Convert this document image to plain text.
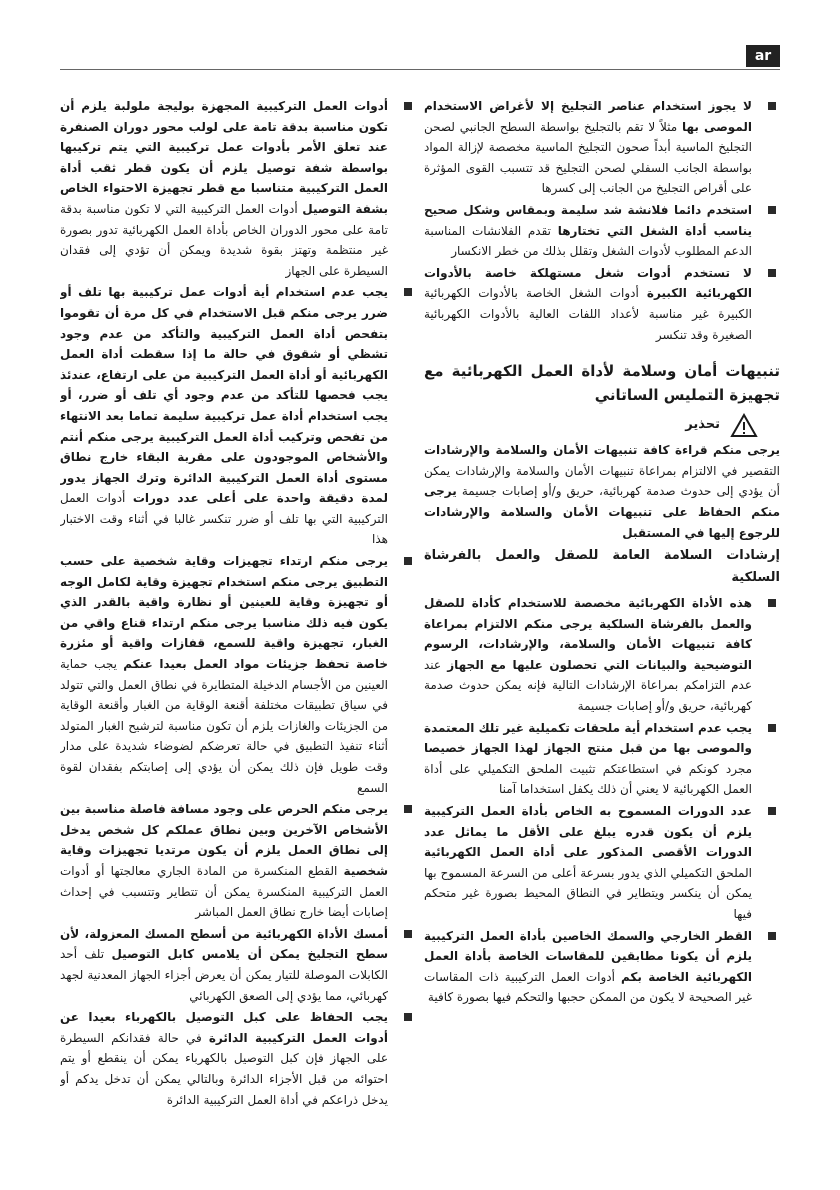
ar
لا يجوز استخدام عناصر التجليخ إلا لأغراض الاستخدام الموصى بها مثلاً لا تقم بالتجليخ بواسطة السطح الجانبي لصحن التجليخ الماسية أبداً صحون التجليخ الماسية مخصصة لإزالة المواد بواسطة الجانب السفلي لصحن التجليخ قد تتسبب القوى المؤثرة على أقراص التجليخ من الجانب إلى كسرها
استخدم دائما فلانشة شد سليمة وبمقاس وشكل صحيح يناسب أداة الشغل التي تختارها تقدم الفلانشات المناسبة الدعم المطلوب لأدوات الشغل وتقلل بذلك من خطر الانكسار
لا تستخدم أدوات شغل مستهلكة خاصة بالأدوات الكهربائية الكبيرة أدوات الشغل الخاصة بالأدوات الكهربائية الكبيرة غير مناسبة لأعداد اللفات العالية بالأدوات الكهربائية الصغيرة وقد تنكسر
تنبيهات أمان وسلامة لأداة العمل الكهربائية مع تجهيزة التمليس الساتاني
تحذير
يرجى منكم قراءة كافة تنبيهات الأمان والسلامة والإرشادات التقصير في الالتزام بمراعاة تنبيهات الأمان والسلامة والإرشادات يمكن أن يؤدي إلى حدوث صدمة كهربائية، حريق و/أو إصابات جسيمة يرجى منكم الحفاظ على تنبيهات الأمان والسلامة والإرشادات للرجوع إليها في المستقبل
إرشادات السلامة العامة للصقل والعمل بالفرشاة السلكية
هذه الأداة الكهربائية مخصصة للاستخدام كأداة للصقل والعمل بالفرشاة السلكية يرجى منكم الالتزام بمراعاة كافة تنبيهات الأمان والسلامة، والإرشادات، الرسوم التوضيحية والبيانات التي تحصلون عليها مع الجهاز عند عدم التزامكم بمراعاة الإرشادات التالية فإنه يمكن حدوث صدمة كهربائية، حريق و/أو إصابات جسيمة
يجب عدم استخدام أية ملحقات تكميلية غير تلك المعتمدة والموصى بها من قبل منتج الجهاز لهذا الجهاز خصيصا مجرد كونكم في استطاعتكم تثبيت الملحق التكميلي على أداة العمل الكهربائية لا يعني أن ذلك يكفل استخداما آمنا
عدد الدورات المسموح به الخاص بأداة العمل التركيبية يلزم أن يكون قدره يبلغ على الأقل ما يماثل عدد الدورات الأقصى المذكور على أداة العمل الكهربائية الملحق التكميلي الذي يدور بسرعة أعلى من السرعة المسموح بها يمكن أن ينكسر ويتطاير في النطاق المحيط بصورة غير متحكم فيها
القطر الخارجي والسمك الخاصين بأداة العمل التركيبية يلزم أن يكونا مطابقين للمقاسات الخاصة بأداة العمل الكهربائية الخاصة بكم أدوات العمل التركيبية ذات المقاسات غير الصحيحة لا يكون من الممكن حجبها والتحكم فيها بصورة كافية
أدوات العمل التركيبية المجهزة بوليجة ملولبة يلزم أن تكون مناسبة بدقة تامة على لولب محور دوران الصنفرة عند تعلق الأمر بأدوات عمل تركيبية التي يتم تركيبها بواسطة شفة توصيل يلزم أن يكون قطر ثقب أداة العمل التركيبية متناسبا مع قطر تجهيزة الاحتواء الخاص بشفة التوصيل أدوات العمل التركيبية التي لا تكون مناسبة بدقة تامة على محور الدوران الخاص بأداة العمل الكهربائية تدور بصورة غير منتظمة وتهتز بقوة شديدة ويمكن أن تؤدي إلى فقدان السيطرة على الجهاز
يجب عدم استخدام أية أدوات عمل تركيبية بها تلف أو ضرر يرجى منكم قبل الاستخدام في كل مرة أن تقوموا بتفحص أداة العمل التركيبية والتأكد من عدم وجود تشظي أو شقوق في حالة ما إذا سقطت أداة العمل الكهربائية أو أداة العمل التركيبية من على ارتفاع، عندئذ يجب فحصها للتأكد من عدم وجود أي تلف أو ضرر، أو يجب استخدام أداة عمل تركيبية سليمة تماما بعد الانتهاء من تفحص وتركيب أداة العمل التركيبية يرجى منكم أنتم والأشخاص الموجودون على مقربة البقاء خارج نطاق مستوى أداة العمل التركيبية الدائرة وترك الجهاز يدور لمدة دقيقة واحدة على أعلى عدد دورات أدوات العمل التركيبية التي بها تلف أو ضرر تنكسر غالبا في أثناء وقت الاختبار هذا
يرجى منكم ارتداء تجهيزات وقاية شخصية على حسب التطبيق يرجى منكم استخدام تجهيزة وقاية لكامل الوجه أو تجهيزة وقاية للعينين أو نظارة واقية بالقدر الذي يكون فيه ذلك مناسبا يرجى منكم ارتداء قناع واقي من الغبار، تجهيزة واقية للسمع، قفازات واقية أو مئزرة خاصة تحفظ جزيئات مواد العمل بعيدا عنكم يجب حماية العينين من الأجسام الدخيلة المتطايرة في نطاق العمل والتي تتولد في سياق تطبيقات مختلفة أقنعة الوقاية من الغبار وأقنعة الوقاية من الجزيئات والغازات يلزم أن تكون مناسبة لترشيح الغبار المتولد أثناء تنفيذ التطبيق في حالة تعرضكم لضوضاء شديدة على مدار وقت طويل فإن ذلك يمكن أن يؤدي إلى إصابتكم بفقدان لقوة السمع
يرجى منكم الحرص على وجود مسافة فاصلة مناسبة بين الأشخاص الآخرين وبين نطاق عملكم كل شخص يدخل إلى نطاق العمل يلزم أن يكون مرتديا تجهيزات وقاية شخصية القطع المنكسرة من المادة الجاري معالجتها أو أدوات العمل التركيبية المنكسرة يمكن أن تتطاير وتتسبب في إحداث إصابات أيضا خارج نطاق العمل المباشر
أمسك الأداة الكهربائية من أسطح المسك المعزولة، لأن سطح التجليخ يمكن أن يلامس كابل التوصيل تلف أحد الكابلات الموصلة للتيار يمكن أن يعرض أجزاء الجهاز المعدنية لجهد كهربائي، مما يؤدي إلى الصعق الكهربائي
يجب الحفاظ على كبل التوصيل بالكهرباء بعيدا عن أدوات العمل التركيبية الدائرة في حالة فقدانكم السيطرة على الجهاز فإن كبل التوصيل بالكهرباء يمكن أن ينقطع أو يتم احتوائه من قبل الأجزاء الدائرة وبالتالي يمكن أن تدخل يدكم أو يدخل ذراعكم في أداة العمل التركيبية الدائرة
